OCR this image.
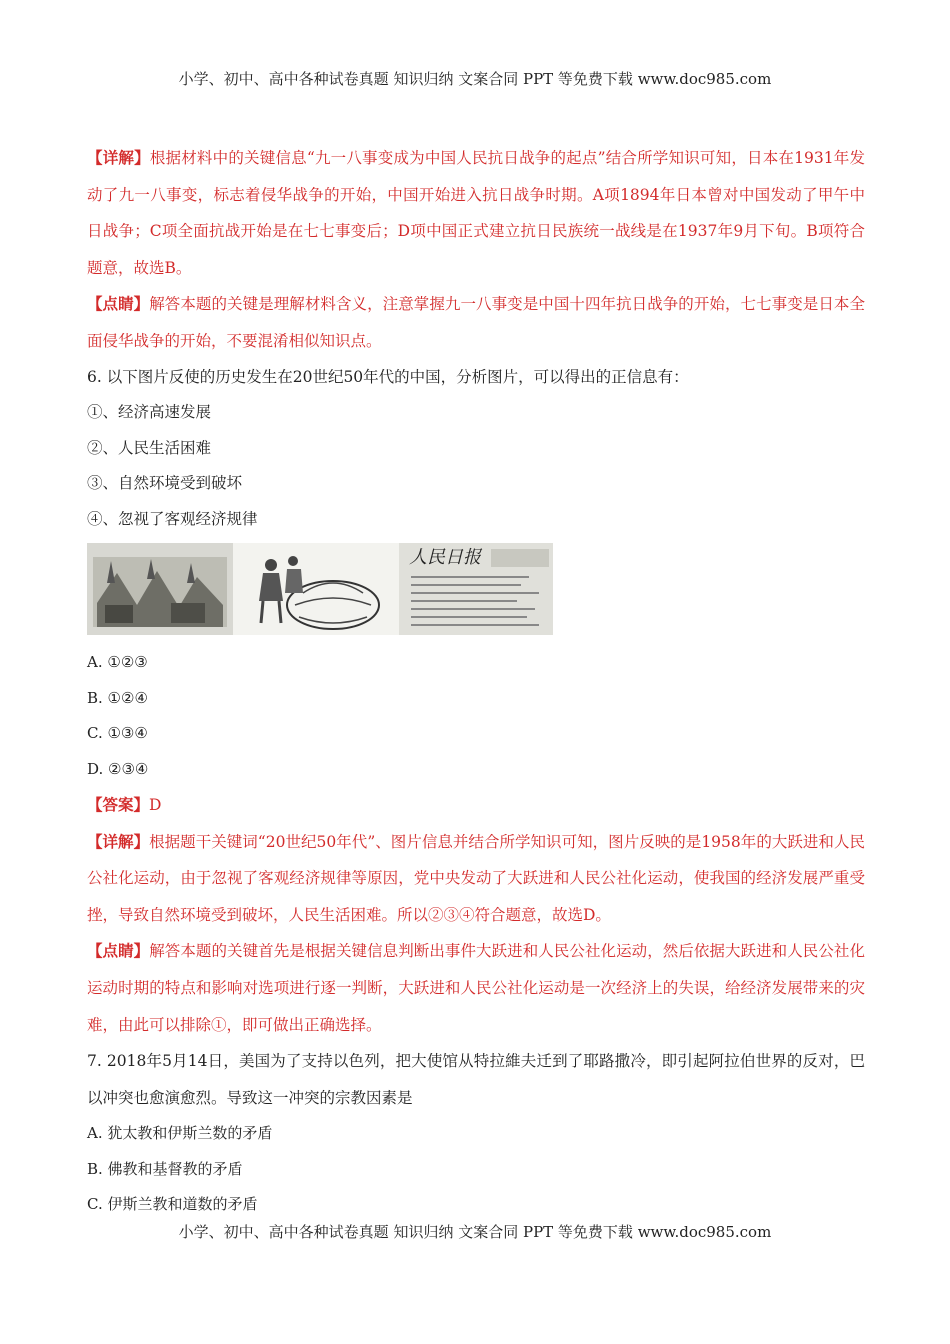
小学、初中、高中各种试卷真题 知识归纳 文案合同 PPT 等免费下载 www.doc985.com

【详解】根据材料中的关键信息“九一八事变成为中国人民抗日战争的起点”结合所学知识可知，日本在1931年发动了九一八事变，标志着侵华战争的开始，中国开始进入抗日战争时期。A项1894年日本曾对中国发动了甲午中日战争；C项全面抗战开始是在七七事变后；D项中国正式建立抗日民族统一战线是在1937年9月下旬。B项符合题意，故选B。

【点睛】解答本题的关键是理解材料含义，注意掌握九一八事变是中国十四年抗日战争的开始，七七事变是日本全面侵华战争的开始，不要混淆相似知识点。

6. 以下图片反使的历史发生在20世纪50年代的中国，分析图片，可以得出的正信息有：

①、经济高速发展

②、人民生活困难

③、自然环境受到破坏

④、忽视了客观经济规律

人民日报

A. ①②③

B. ①②④

C. ①③④

D. ②③④

【答案】D

【详解】根据题干关键词“20世纪50年代”、图片信息并结合所学知识可知，图片反映的是1958年的大跃进和人民公社化运动，由于忽视了客观经济规律等原因，党中央发动了大跃进和人民公社化运动，使我国的经济发展严重受挫，导致自然环境受到破坏，人民生活困难。所以②③④符合题意，故选D。

【点睛】解答本题的关键首先是根据关键信息判断出事件大跃进和人民公社化运动，然后依据大跃进和人民公社化运动时期的特点和影响对选项进行逐一判断，大跃进和人民公社化运动是一次经济上的失误，给经济发展带来的灾难，由此可以排除①，即可做出正确选择。

7. 2018年5月14日，美国为了支持以色列，把大使馆从特拉維夫迁到了耶路撒冷，即引起阿拉伯世界的反对，巴以冲突也愈演愈烈。导致这一冲突的宗教因素是

A. 犹太教和伊斯兰数的矛盾

B. 佛教和基督教的矛盾

C. 伊斯兰教和道数的矛盾

小学、初中、高中各种试卷真题 知识归纳 文案合同 PPT 等免费下载 www.doc985.com
